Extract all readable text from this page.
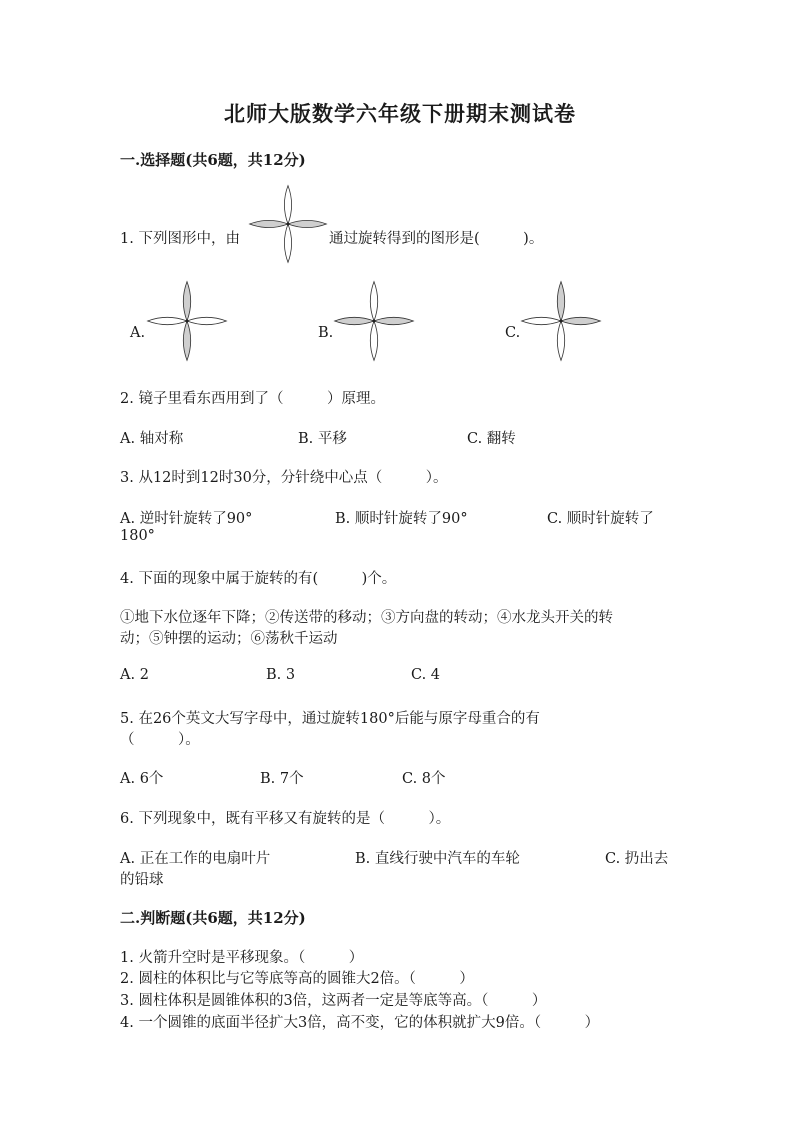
北师大版数学六年级下册期末测试卷
一.选择题(共6题，共12分)
1. 下列图形中，由	通过旋转得到的图形是(　　　)。
A.	B.	C.
2. 镜子里看东西用到了（　　　）原理。
A. 轴对称	B. 平移	C. 翻转
3. 从12时到12时30分，分针绕中心点（　　　）。
A. 逆时针旋转了90°	B. 顺时针旋转了90°	C. 顺时针旋转了
180°
4. 下面的现象中属于旋转的有(　　　)个。
①地下水位逐年下降；②传送带的移动；③方向盘的转动；④水龙头开关的转
动；⑤钟摆的运动；⑥荡秋千运动
A. 2	B. 3	C. 4
5. 在26个英文大写字母中，通过旋转180°后能与原字母重合的有
（　　　）。
A. 6个	B. 7个	C. 8个
6. 下列现象中，既有平移又有旋转的是（　　　）。
A. 正在工作的电扇叶片	B. 直线行驶中汽车的车轮	C. 扔出去
的铅球
二.判断题(共6题，共12分)
1. 火箭升空时是平移现象。（　　　）
2. 圆柱的体积比与它等底等高的圆锥大2倍。（　　　）
3. 圆柱体积是圆锥体积的3倍，这两者一定是等底等高。（　　　）
4. 一个圆锥的底面半径扩大3倍，高不变，它的体积就扩大9倍。（　　　）
